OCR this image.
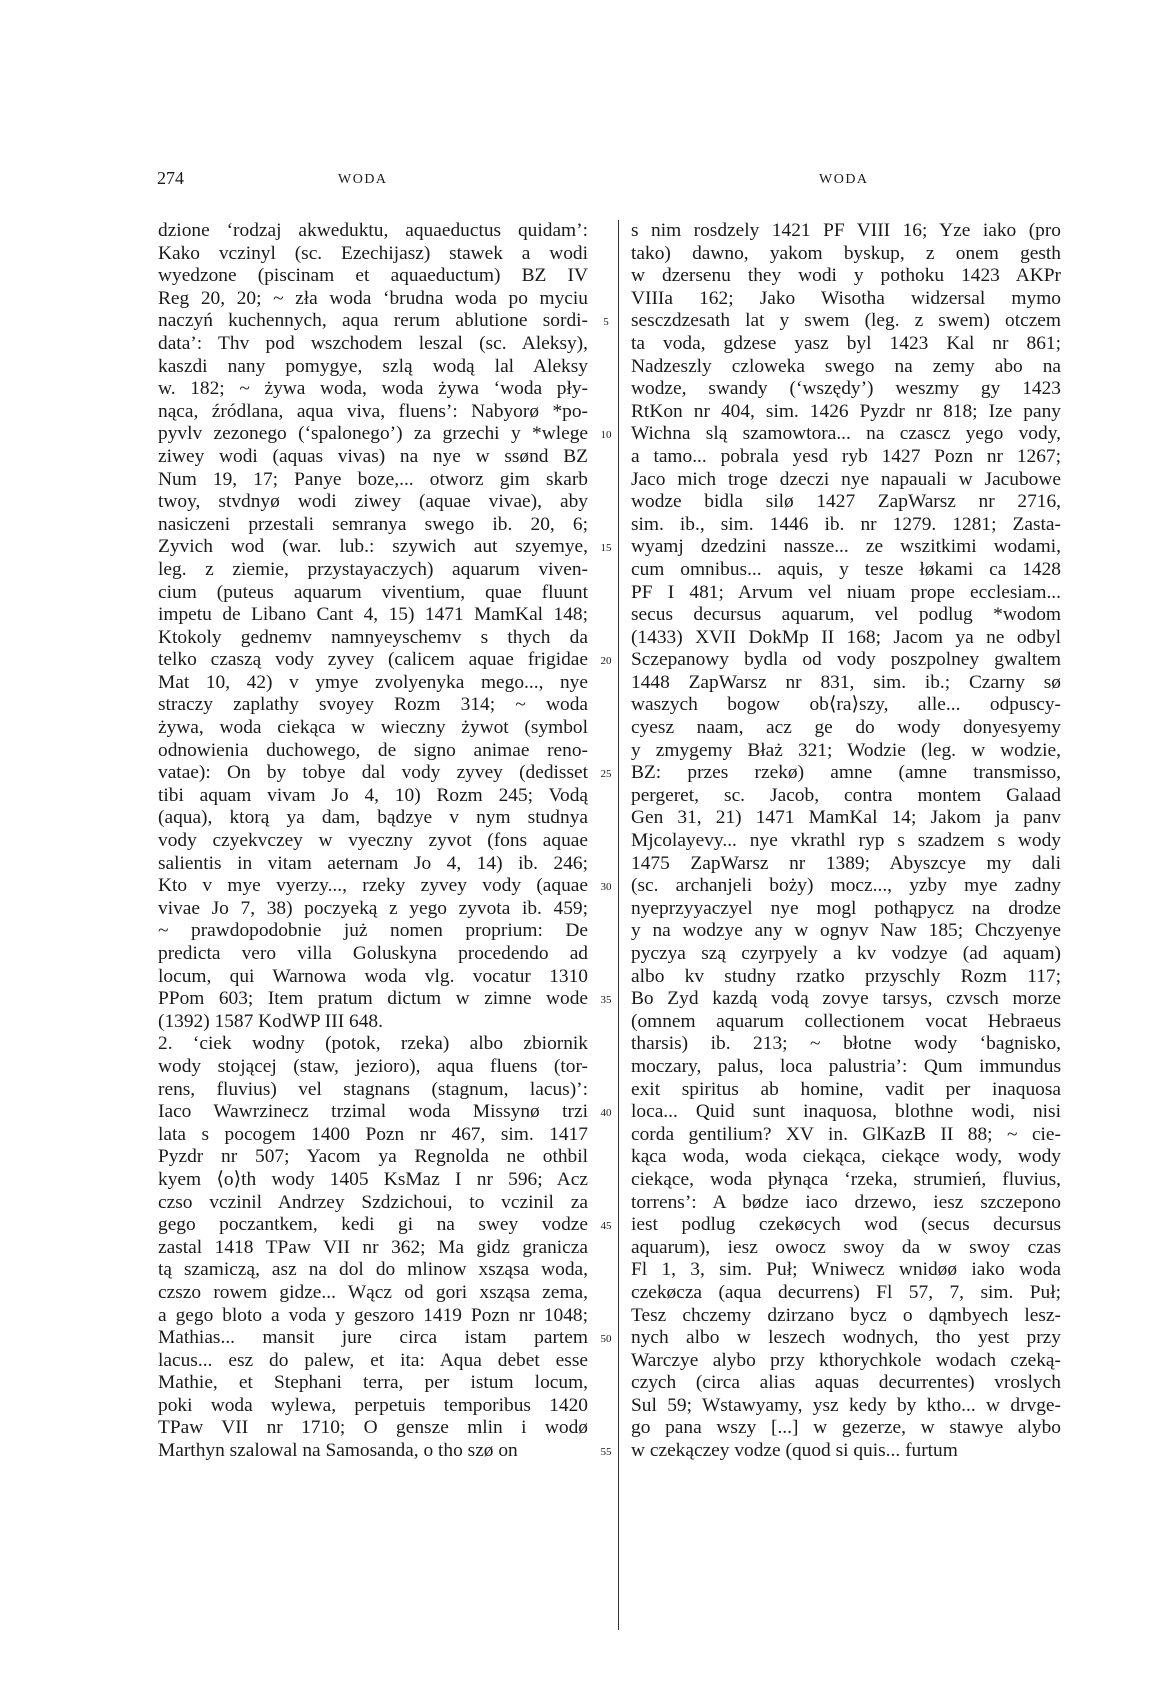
274	WODA	WODA
dzione ‘rodzaj akweduktu, aquaeductus quidam’:
Kako vczinyl (sc. Ezechijasz) stawek a wodi
wyedzone (piscinam et aquaeductum) BZ IV
Reg 20, 20; ~ zła woda ‘brudna woda po myciu
naczyń kuchennych, aqua rerum ablutione sordi-
data’: Thv pod wszchodem leszal (sc. Aleksy),
kaszdi nany pomygye, szlą wodą lal Aleksy
w. 182; ~ żywa woda, woda żywa ‘woda pły-
nąca, źródlana, aqua viva, fluens’: Nabyorø *po-
pyvlv zezonego (‘spalonego’) za grzechi y *wlege
ziwey wodi (aquas vivas) na nye w ssønd BZ
Num 19, 17; Panye boze,... otworz gim skarb
twoy, stvdnyø wodi ziwey (aquae vivae), aby
nasiczeni przestali semranya swego ib. 20, 6;
Zyvich wod (war. lub.: szywich aut szyemye,
leg. z ziemie, przystayaczych) aquarum viven-
cium (puteus aquarum viventium, quae fluunt
impetu de Libano Cant 4, 15) 1471 MamKal 148;
Ktokoly gednemv namnyeyschemv s thych da
telko czaszą vody zyvey (calicem aquae frigidae
Mat 10, 42) v ymye zvolyenyka mego..., nye
straczy zaplathy svoyey Rozm 314; ~ woda
żywa, woda ciekąca w wieczny żywot (symbol
odnowienia duchowego, de signo animae reno-
vatae): On by tobye dal vody zyvey (dedisset
tibi aquam vivam Jo 4, 10) Rozm 245; Vodą
(aqua), ktorą ya dam, bądzye v nym studnya
vody czyekvczey w vyeczny zyvot (fons aquae
salientis in vitam aeternam Jo 4, 14) ib. 246;
Kto v mye vyerzy..., rzeky zyvey vody (aquae
vivae Jo 7, 38) poczyeką z yego zyvota ib. 459;
~ prawdopodobnie już nomen proprium: De
predicta vero villa Goluskyna procedendo ad
locum, qui Warnowa woda vlg. vocatur 1310
PPom 603; Item pratum dictum w zimne wode
(1392) 1587 KodWP III 648.
2. ‘ciek wodny (potok, rzeka) albo zbiornik
wody stojącej (staw, jezioro), aqua fluens (tor-
rens, fluvius) vel stagnans (stagnum, lacus)’:
Iaco Wawrzinecz trzimal woda Missynø trzi
lata s pocogem 1400 Pozn nr 467, sim. 1417
Pyzdr nr 507; Yacom ya Regnolda ne othbil
kyem ⟨o⟩th wody 1405 KsMaz I nr 596; Acz
czso vczinil Andrzey Szdzichoui, to vczinil za
gego poczantkem, kedi gi na swey vodze
zastal 1418 TPaw VII nr 362; Ma gidz granicza
tą szamiczą, asz na dol do mlinow xsząsa woda,
czszo rowem gidze... Wącz od gori xsząsa zema,
a gego bloto a voda y geszoro 1419 Pozn nr 1048;
Mathias... mansit jure circa istam partem
lacus... esz do palew, et ita: Aqua debet esse
Mathie, et Stephani terra, per istum locum,
poki woda wylewa, perpetuis temporibus 1420
TPaw VII nr 1710; O gensze mlin i wodø
Marthyn szalowal na Samosanda, o tho szø on
5
10
15
20
25
30
35
40
45
50
55
s nim rosdzely 1421 PF VIII 16; Yze iako (pro
tako) dawno, yakom byskup, z onem gesth
w dzersenu they wodi y pothoku 1423 AKPr
VIIIa 162; Jako Wisotha widzersal mymo
sesczdzesath lat y swem (leg. z swem) otczem
ta voda, gdzese yasz byl 1423 Kal nr 861;
Nadzeszly czloweka swego na zemy abo na
wodze, swandy (‘wszędy’) weszmy gy 1423
RtKon nr 404, sim. 1426 Pyzdr nr 818; Ize pany
Wichna slą szamowtora... na czascz yego vody,
a tamo... pobrala yesd ryb 1427 Pozn nr 1267;
Jaco mich troge dzeczi nye napauali w Jacubowe
wodze bidla silø 1427 ZapWarsz nr 2716,
sim. ib., sim. 1446 ib. nr 1279. 1281; Zasta-
wyamj dzedzini nassze... ze wszitkimi wodami,
cum omnibus... aquis, y tesze łøkami ca 1428
PF I 481; Arvum vel niuam prope ecclesiam...
secus decursus aquarum, vel podlug *wodom
(1433) XVII DokMp II 168; Jacom ya ne odbyl
Sczepanowy bydla od vody poszpolney gwaltem
1448 ZapWarsz nr 831, sim. ib.; Czarny sø
waszych bogow ob⟨ra⟩szy, alle... odpuscy-
cyesz naam, acz ge do wody donyesyemy
y zmygemy Błaż 321; Wodzie (leg. w wodzie,
BZ: przes rzekø) amne (amne transmisso,
pergeret, sc. Jacob, contra montem Galaad
Gen 31, 21) 1471 MamKal 14; Jakom ja panv
Mjcolayevy... nye vkrathl ryp s szadzem s wody
1475 ZapWarsz nr 1389; Abyszcye my dali
(sc. archanjeli boży) mocz..., yzby mye zadny
nyeprzyyaczyel nye mogl pothąpycz na drodze
y na wodzye any w ognyv Naw 185; Chczyenye
pyczya szą czyrpyely a kv vodzye (ad aquam)
albo kv studny rzatko przyschly Rozm 117;
Bo Zyd kazdą vodą zovye tarsys, czvsch morze
(omnem aquarum collectionem vocat Hebraeus
tharsis) ib. 213; ~ błotne wody ‘bagnisko,
moczary, palus, loca palustria’: Qum immundus
exit spiritus ab homine, vadit per inaquosa
loca... Quid sunt inaquosa, blothne wodi, nisi
corda gentilium? XV in. GlKazB II 88; ~ cie-
kąca woda, woda ciekąca, ciekące wody, wody
ciekące, woda płynąca ‘rzeka, strumień, fluvius,
torrens’: A bødze iaco drzewo, iesz szczepono
iest podlug czekøcych wod (secus decursus
aquarum), iesz owocz swoy da w swoy czas
Fl 1, 3, sim. Puł; Wniwecz wnidøø iako woda
czekøcza (aqua decurrens) Fl 57, 7, sim. Puł;
Tesz chczemy dzirzano bycz o dąmbyech lesz-
nych albo w leszech wodnych, tho yest przy
Warczye alybo przy kthorychkole wodach czeką-
czych (circa alias aquas decurrentes) vroslych
Sul 59; Wstawyamy, ysz kedy by ktho... w drvge-
go pana wszy [...] w gezerze, w stawye alybo
w czekączey vodze (quod si quis... furtum
